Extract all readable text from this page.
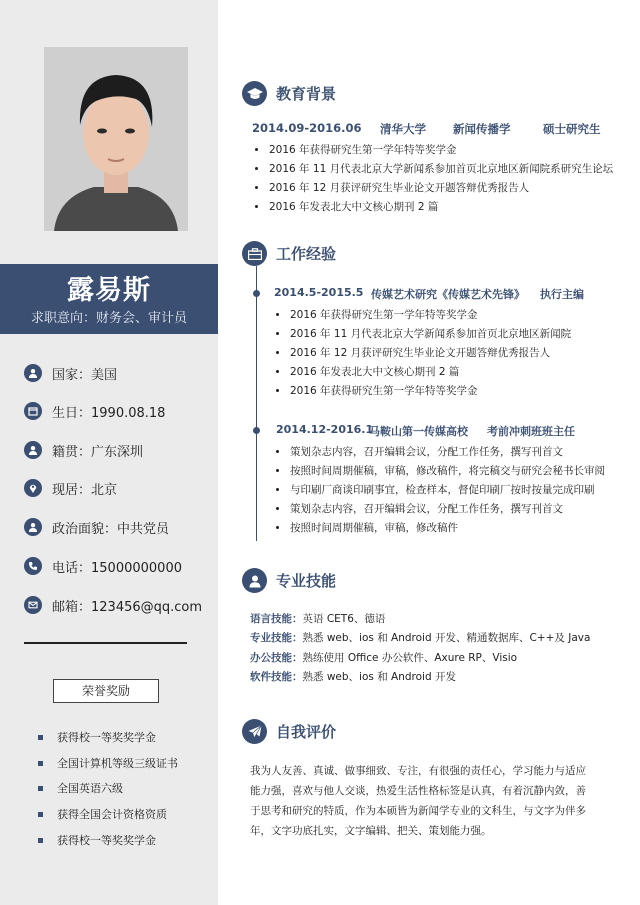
露易斯
求职意向：财务会、审计员
国家：美国
生日：1990.08.18
籍贯：广东深圳
现居：北京
政治面貌：中共党员
电话：15000000000
邮箱：123456@qq.com
荣誉奖励
获得校一等奖奖学金
全国计算机等级三级证书
全国英语六级
获得全国会计资格资质
获得校一等奖奖学金
教育背景
2014.09-2016.06 清华大学 新闻传播学	硕士研究生
2016 年获得研究生第一学年特等奖学金
2016 年 11 月代表北京大学新闻系参加首页北京地区新闻院系研究生论坛
2016 年 12 月获评研究生毕业论文开题答辩优秀报告人
2016 年发表北大中文核心期刊 2 篇
工作经验
2014.5-2015.5 传媒艺术研究《传媒艺术先锋》 执行主编
2016 年获得研究生第一学年特等奖学金
2016 年 11 月代表北京大学新闻系参加首页北京地区新闻院
2016 年 12 月获评研究生毕业论文开题答辩优秀报告人
2016 年发表北大中文核心期刊 2 篇
2016 年获得研究生第一学年特等奖学金
2014.12-2016.1
马鞍山第一传媒高校 考前冲刺班班主任
策划杂志内容，召开编辑会议，分配工作任务，撰写刊首文
按照时间周期催稿，审稿，修改稿件，将完稿交与研究会秘书长审阅
与印刷厂商谈印刷事宜，检查样本，督促印刷厂按时按量完成印刷
策划杂志内容，召开编辑会议，分配工作任务，撰写刊首文
按照时间周期催稿，审稿，修改稿件
专业技能
语言技能：英语 CET6、德语
专业技能：熟悉 web、ios 和 Android 开发、精通数据库、C++及 Java
办公技能：熟练使用 Office 办公软件、Axure RP、Visio
软件技能：熟悉 web、ios 和 Android 开发
自我评价

我为人友善、真诚、做事细致、专注，有很强的责任心，学习能力与适应

能力强，喜欢与他人交谈，热爱生活性格标签是认真，有着沉静内敛，善

于思考和研究的特质，作为本硕皆为新闻学专业的文科生，与文字为伴多

年，文字功底扎实，文字编辑、把关、策划能力强。
